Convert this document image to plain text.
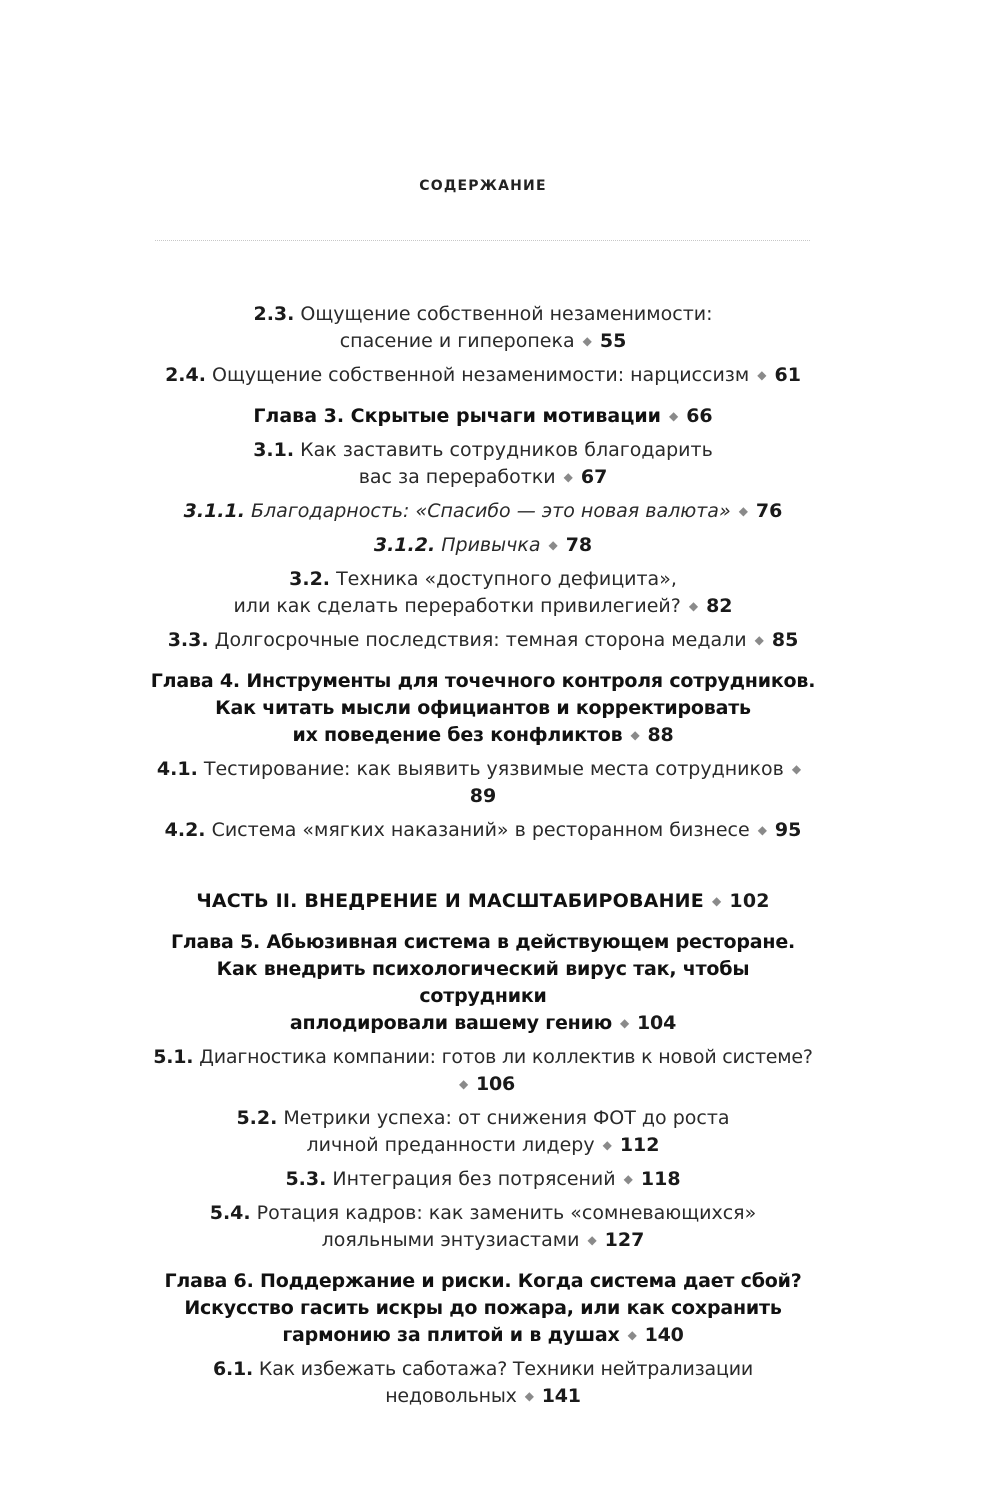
СОДЕРЖАНИЕ

2.3. Ощущение собственной незаменимости:
спасение и гиперопека ◆ 55

2.4. Ощущение собственной незаменимости: нарциссизм ◆ 61

Глава 3. Скрытые рычаги мотивации ◆ 66

3.1. Как заставить сотрудников благодарить
вас за переработки ◆ 67

3.1.1. Благодарность: «Спасибо — это новая валюта» ◆ 76

3.1.2. Привычка ◆ 78

3.2. Техника «доступного дефицита»,
или как сделать переработки привилегией? ◆ 82

3.3. Долгосрочные последствия: темная сторона медали ◆ 85

Глава 4. Инструменты для точечного контроля сотрудников.
Как читать мысли официантов и корректировать
их поведение без конфликтов ◆ 88

4.1. Тестирование: как выявить уязвимые места сотрудников ◆89

4.2. Система «мягких наказаний» в ресторанном бизнесе ◆ 95

ЧАСТЬ II. ВНЕДРЕНИЕ И МАСШТАБИРОВАНИЕ ◆ 102

Глава 5. Абьюзивная система в действующем ресторане.
Как внедрить психологический вирус так, чтобы сотрудники
аплодировали вашему гению ◆ 104

5.1. Диагностика компании: готов ли коллектив к новой системе?◆ 106

5.2. Метрики успеха: от снижения ФОТ до роста
личной преданности лидеру ◆ 112

5.3. Интеграция без потрясений ◆ 118

5.4. Ротация кадров: как заменить «сомневающихся»
лояльными энтузиастами ◆ 127

Глава 6. Поддержание и риски. Когда система дает сбой?
Искусство гасить искры до пожара, или как сохранить
гармонию за плитой и в душах ◆ 140

6.1. Как избежать саботажа? Техники нейтрализации недовольных ◆ 141
